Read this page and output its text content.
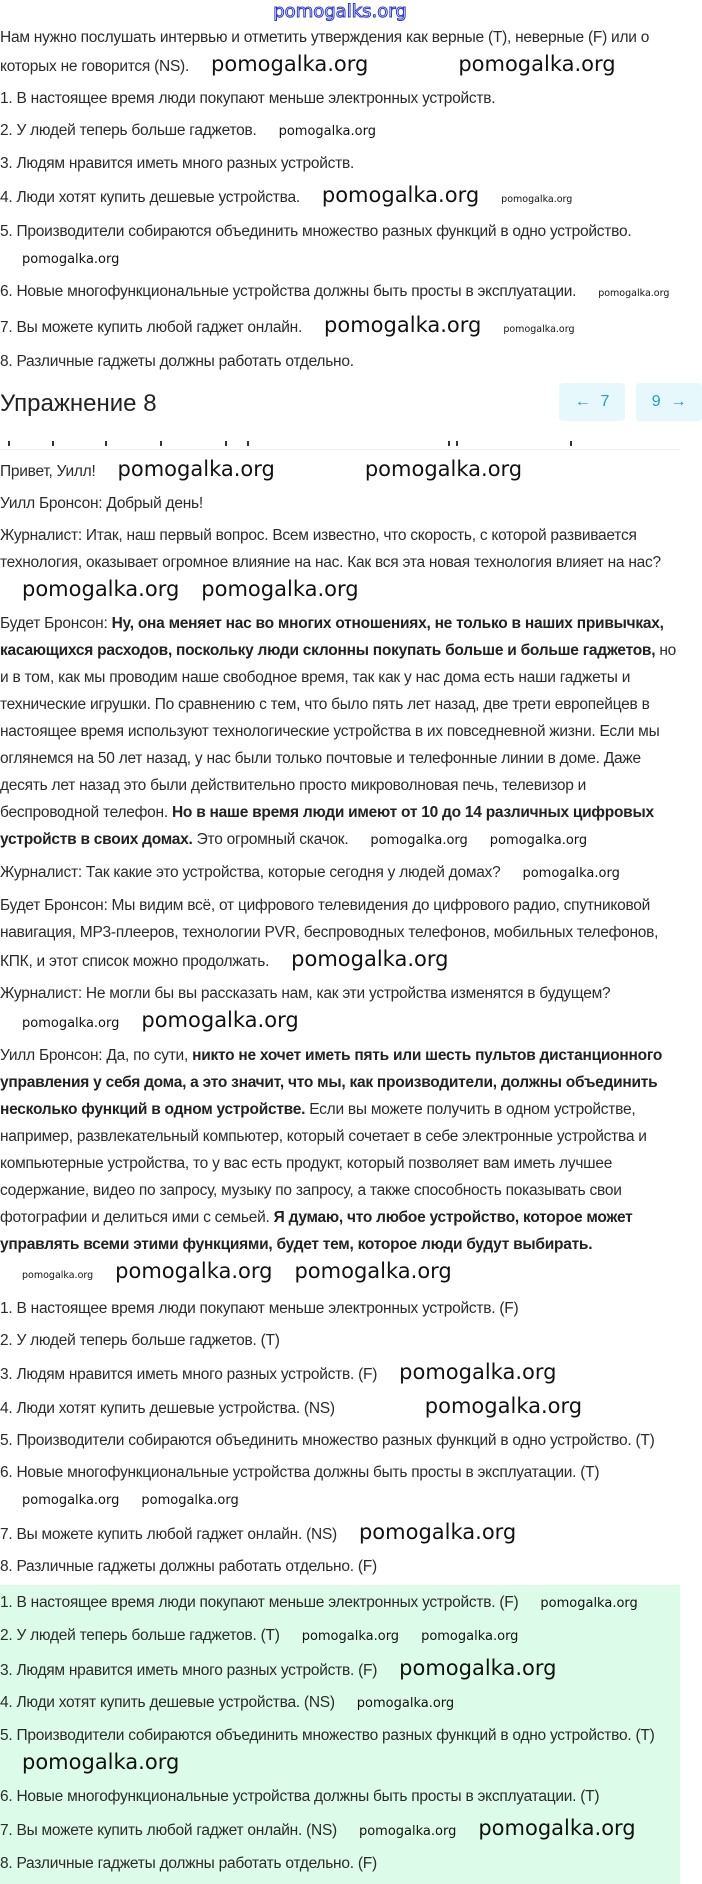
pomogalks.org

Нам нужно послушать интервью и отметить утверждения как верные (T), неверные (F) или о которых не говорится (NS). pomogalka.org	pomogalka.org

1. В настоящее время люди покупают меньше электронных устройств.
2. У людей теперь больше гаджетов. pomogalka.org
3. Людям нравится иметь много разных устройств.
4. Люди хотят купить дешевые устройства. pomogalka.org pomogalka.org
5. Производители собираются объединить множество разных функций в одно устройство.pomogalka.org
6. Новые многофункциональные устройства должны быть просты в эксплуатации. pomogalka.org
7. Вы можете купить любой гаджет онлайн. pomogalka.org pomogalka.org
8. Различные гаджеты должны работать отдельно.
Упражнение 8	← 7	9 →

Привет, Уилл! pomogalka.org	pomogalka.org

Уилл Бронсон: Добрый день!

Журналист: Итак, наш первый вопрос. Всем известно, что скорость, с которой развивается технология, оказывает огромное влияние на нас. Как вся эта новая технология влияет на нас?pomogalka.org pomogalka.org

Будет Бронсон: Ну, она меняет нас во многих отношениях, не только в наших привычках, касающихся расходов, поскольку люди склонны покупать больше и больше гаджетов, но и в том, как мы проводим наше свободное время, так как у нас дома есть наши гаджеты и технические игрушки. По сравнению с тем, что было пять лет назад, две трети европейцев в настоящее время используют технологические устройства в их повседневной жизни. Если мы оглянемся на 50 лет назад, у нас были только почтовые и телефонные линии в доме. Даже десять лет назад это были действительно просто микроволновая печь, телевизор и беспроводной телефон. Но в наше время люди имеют от 10 до 14 различных цифровых устройств в своих домах. Это огромный скачок. pomogalka.org pomogalka.org

Журналист: Так какие это устройства, которые сегодня у людей домах? pomogalka.org

Будет Бронсон: Мы видим всё, от цифрового телевидения до цифрового радио, спутниковой навигация, MP3-плееров, технологии PVR, беспроводных телефонов, мобильных телефонов, КПК, и этот список можно продолжать. pomogalka.org

Журналист: Не могли бы вы рассказать нам, как эти устройства изменятся в будущем?pomogalka.org pomogalka.org

Уилл Бронсон: Да, по сути, никто не хочет иметь пять или шесть пультов дистанционного управления у себя дома, а это значит, что мы, как производители, должны объединить несколько функций в одном устройстве. Если вы можете получить в одном устройстве, например, развлекательный компьютер, который сочетает в себе электронные устройства и компьютерные устройства, то у вас есть продукт, который позволяет вам иметь лучшее содержание, видео по запросу, музыку по запросу, а также способность показывать свои фотографии и делиться ими с семьей. Я думаю, что любое устройство, которое может управлять всеми этими функциями, будет тем, которое люди будут выбирать.pomogalka.org pomogalka.org pomogalka.org

1. В настоящее время люди покупают меньше электронных устройств. (F)
2. У людей теперь больше гаджетов. (T)
3. Людям нравится иметь много разных устройств. (F) pomogalka.org
4. Люди хотят купить дешевые устройства. (NS)	pomogalka.org
5. Производители собираются объединить множество разных функций в одно устройство. (T)
6. Новые многофункциональные устройства должны быть просты в эксплуатации. (T)pomogalka.org pomogalka.org
7. Вы можете купить любой гаджет онлайн. (NS) pomogalka.org
8. Различные гаджеты должны работать отдельно. (F)
1. В настоящее время люди покупают меньше электронных устройств. (F) pomogalka.org
2. У людей теперь больше гаджетов. (T) pomogalka.org pomogalka.org
3. Людям нравится иметь много разных устройств. (F) pomogalka.org
4. Люди хотят купить дешевые устройства. (NS) pomogalka.org
5. Производители собираются объединить множество разных функций в одно устройство. (T)pomogalka.org
6. Новые многофункциональные устройства должны быть просты в эксплуатации. (T)
7. Вы можете купить любой гаджет онлайн. (NS) pomogalka.org pomogalka.org
8. Различные гаджеты должны работать отдельно. (F)
